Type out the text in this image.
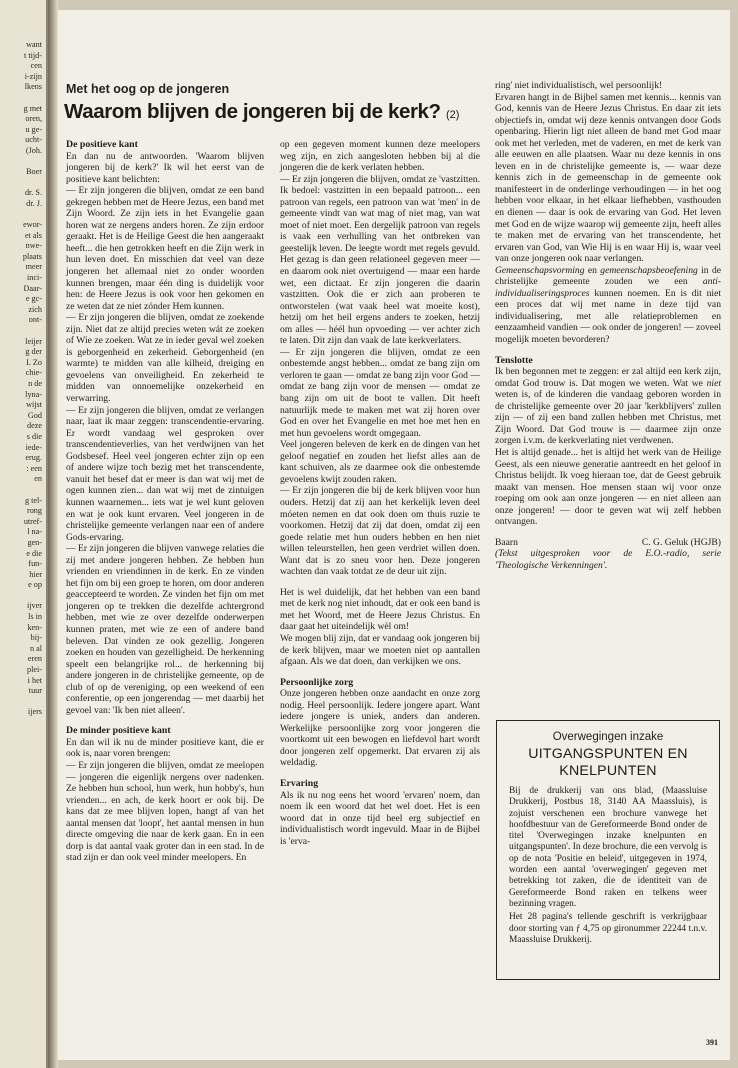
want
t tijd-
cen
i-zijn
lkens

g met
oren,
u ge-
ucht-
(Joh.

Boer

dr. S.
dr. J.

ewor-
et als
nwe-
plaats
meer
inci-
Daar-
e gc-
zich
ont-

leijer
g der
I. Zo
chie-
n de
lyna-
wijst
God
deze
s die
iede-
erug.
: een
en

g tel-
rong
utref-
l na-
gen-
e die
fun-
hier
e op

ijver
ls in
ken-
bij-
n al
eren
plei-
i het
tuur

ijers
Met het oog op de jongeren
Waarom blijven de jongeren bij de kerk? (2)
De positieve kant

En dan nu de antwoorden. 'Waarom blijven jongeren bij de kerk?' Ik wil het eerst van de positieve kant belichten:

— Er zijn jongeren die blijven, omdat ze een band gekregen hebben met de Heere Jezus, een band met Zijn Woord. Ze zijn iets in het Evangelie gaan horen wat ze nergens anders horen. Ze zijn erdoor geraakt. Het is de Heilige Geest die hen aangeraakt heeft... die hen getrokken heeft en die Zijn werk in hun leven doet. En misschien dat veel van deze jongeren het allemaal niet zo onder woorden kunnen brengen, maar één ding is duidelijk voor hen: de Heere Jezus is ook voor hen gekomen en ze weten dat ze niet zónder Hem kunnen.

— Er zijn jongeren die blijven, omdat ze zoekende zijn. Niet dat ze altijd precies weten wát ze zoeken of Wie ze zoeken. Wat ze in ieder geval wel zoeken is geborgenheid en zekerheid. Geborgenheid (en warmte) te midden van alle kilheid, dreiging en gevoelens van onveiligheid. En zekerheid te midden van onnoemelijke onzekerheid en verwarring.

— Er zijn jongeren die blijven, omdat ze verlangen naar, laat ik maar zeggen: transcendentie-ervaring. Er wordt vandaag wel gesproken over transcendentieverlies, van het verdwijnen van het Godsbesef. Heel veel jongeren echter zijn op een of andere wijze toch bezig met het transcendente, vanuit het besef dat er meer is dan wat wij met de ogen kunnen zien... dan wat wij met de zintuigen kunnen waarnemen... iets wat je wel kunt geloven en wat je ook kunt ervaren. Veel jongeren in de christelijke gemeente verlangen naar een of andere Gods-ervaring.

— Er zijn jongeren die blijven vanwege relaties die zij met andere jongeren hebben. Ze hebben hun vrienden en vriendinnen in de kerk. En ze vinden het fijn om bij een groep te horen, om door anderen geaccepteerd te worden. Ze vinden het fijn om met jongeren op te trekken die dezelfde achtergrond hebben, met wie ze over dezelfde onderwerpen kunnen praten, met wie ze een of andere band beleven. Dat vinden ze ook gezellig. Jongeren zoeken en houden van gezelligheid. De herkenning speelt een belangrijke rol... de herkenning bij andere jongeren in de christelijke gemeente, op de club of op de vereniging, op een weekend of een conferentie, op een jongerendag — met daarbij het gevoel van: 'Ik ben niet alleen'.

De minder positieve kant

En dan wil ik nu de minder positieve kant, die er ook is, naar voren brengen:

— Er zijn jongeren die blijven, omdat ze meelopen — jongeren die eigenlijk nergens over nadenken. Ze hebben hun school, hun werk, hun hobby's, hun vrienden... en ach, de kerk hoort er ook bij. De kans dat ze mee blijven lopen, hangt af van het aantal mensen dat 'loopt', het aantal mensen in hun directe omgeving die naar de kerk gaan. En in een dorp is dat aantal vaak groter dan in een stad. In de stad zijn er dan ook veel minder meelopers. En

op een gegeven moment kunnen deze meelopers weg zijn, en zich aangesloten hebben bij al die jongeren die de kerk verlaten hebben.

— Er zijn jongeren die blijven, omdat ze 'vastzitten. Ik bedoel: vastzitten in een bepaald patroon... een patroon van regels, een patroon van wat 'men' in de gemeente vindt van wat mag of niet mag, van wat moet of niet moet. Een dergelijk patroon van regels is vaak een verhulling van het ontbreken van geestelijk leven. De leegte wordt met regels gevuld. Het gezag is dan geen relationeel gegeven meer — en daarom ook niet overtuigend — maar een harde wet, een dictaat. Er zijn jongeren die daarin vastzitten. Ook die er zich aan proberen te ontworstelen (wat vaak heel wat moeite kost), hetzij om het heil ergens anders te zoeken, hetzij om alles — héél hun opvoeding — ver achter zich te laten. Dit zijn dan vaak de late kerkverlaters.

— Er zijn jongeren die blijven, omdat ze een onbestemde angst hebben... omdat ze bang zijn om verloren te gaan — omdat ze bang zijn voor God — omdat ze bang zijn voor de mensen — omdat ze bang zijn om uit de boot te vallen. Dit heeft natuurlijk mede te maken met wat zij horen over God en over het Evangelie en met hoe met hen en met hun gevoelens wordt omgegaan.

Veel jongeren beleven de kerk en de dingen van het geloof negatief en zouden het liefst alles aan de kant schuiven, als ze daarmee ook die onbestemde gevoelens kwijt zouden raken.

— Er zijn jongeren die bij de kerk blijven voor hun ouders. Hetzij dat zij aan het kerkelijk leven deel móeten nemen en dat ook doen om thuis ruzie te voorkomen. Hetzij dat zij dat doen, omdat zij een goede relatie met hun ouders hebben en hen niet willen teleurstellen, hen geen verdriet willen doen. Want dat is zo sneu voor hen. Deze jongeren wachten dan vaak totdat ze de deur uit zijn.

Het is wel duidelijk, dat het hebben van een band met de kerk nog niet inhoudt, dat er ook een band is met het Woord, met de Heere Jezus Christus. En daar gaat het uiteindelijk wèl om!

We mogen blij zijn, dat er vandaag ook jongeren bij de kerk blijven, maar we moeten niet op aantallen afgaan. Als we dat doen, dan verkijken we ons.

Persoonlijke zorg

Onze jongeren hebben onze aandacht en onze zorg nodig. Heel persoonlijk. Iedere jongere apart. Want iedere jongere is uniek, anders dan anderen. Werkelijke persoonlijke zorg voor jongeren die voortkomt uit een bewogen en liefdevol hart wordt door jongeren zelf opgemerkt. Dat ervaren zij als weldadig.

Ervaring

Als ik nu nog eens het woord 'ervaren' noem, dan noem ik een woord dat het wel doet. Het is een woord dat in onze tijd heel erg subjectief en individualistisch wordt ingevuld. Maar in de Bijbel is 'erva-

ring' niet individualistisch, wel persoonlijk!

Ervaren hangt in de Bijbel samen met kennis... kennis van God, kennis van de Heere Jezus Christus. En daar zit iets objectiefs in, omdat wij deze kennis ontvangen door Gods openbaring. Hierin ligt niet alleen de band met God maar ook met het verleden, met de vaderen, en met de kerk van alle eeuwen en alle plaatsen. Waar nu deze kennis in ons leven en in de christelijke gemeente is, — waar deze kennis zich in de gemeenschap in de gemeente ook manifesteert in de onderlinge verhoudingen — in het oog hebben voor elkaar, in het elkaar liefhebben, vasthouden en dienen — daar is ook de ervaring van God. Het leven met God en de wijze waarop wij gemeente zijn, heeft alles te maken met de ervaring van het transcendente, het ervaren van God, van Wie Hij is en waar Hij is, waar veel van onze jongeren ook naar verlangen.

Gemeenschapsvorming en gemeenschapsbeoefening in de christelijke gemeente zouden we een anti-individualiseringsproces kunnen noemen. En is dit niet een proces dat wij met name in deze tijd van individualisering, met alle relatieproblemen en eenzaamheid vandien — ook onder de jongeren! — zoveel mogelijk moeten bevorderen?

Tenslotte

Ik ben begonnen met te zeggen: er zal altijd een kerk zijn, omdat God trouw is. Dat mogen we weten. Wat we niet weten is, of de kinderen die vandaag geboren worden in de christelijke gemeente over 20 jaar 'kerkblijvers' zullen zijn — of zij een band zullen hebben met Christus, met Zijn Woord. Dat God trouw is — daarmee zijn onze zorgen i.v.m. de kerkverlating niet verdwenen.

Het is altijd genade... het is altijd het werk van de Heilige Geest, als een nieuwe generatie aantreedt en het geloof in Christus belijdt. Ik voeg hieraan toe, dat de Geest gebruik maakt van mensen. Hoe mensen staan wij voor onze roeping om ook aan onze jongeren — en niet alleen aan onze jongeren! — door te geven wat wij zelf hebben ontvangen.

Baarn	C. G. Geluk (HGJB)

(Tekst uitgesproken voor de E.O.-radio, serie 'Theologische Verkenningen'.

Overwegingen inzake
UITGANGSPUNTEN EN
KNELPUNTEN

Bij de drukkerij van ons blad, (Maassluise Drukkerij, Postbus 18, 3140 AA Maassluis), is zojuist verschenen een brochure vanwege het hoofdbestuur van de Gereformeerde Bond onder de titel 'Overwegingen inzake knelpunten en uitgangspunten'. In deze brochure, die een vervolg is op de nota 'Positie en beleid', uitgegeven in 1974, worden een aantal 'overwegingen' gegeven met betrekking tot zaken, die de identiteit van de Gereformeerde Bond raken en telkens weer bezinning vragen.

Het 28 pagina's tellende geschrift is verkrijgbaar door storting van ƒ 4,75 op gironummer 22244 t.n.v. Maassluise Drukkerij.

391
